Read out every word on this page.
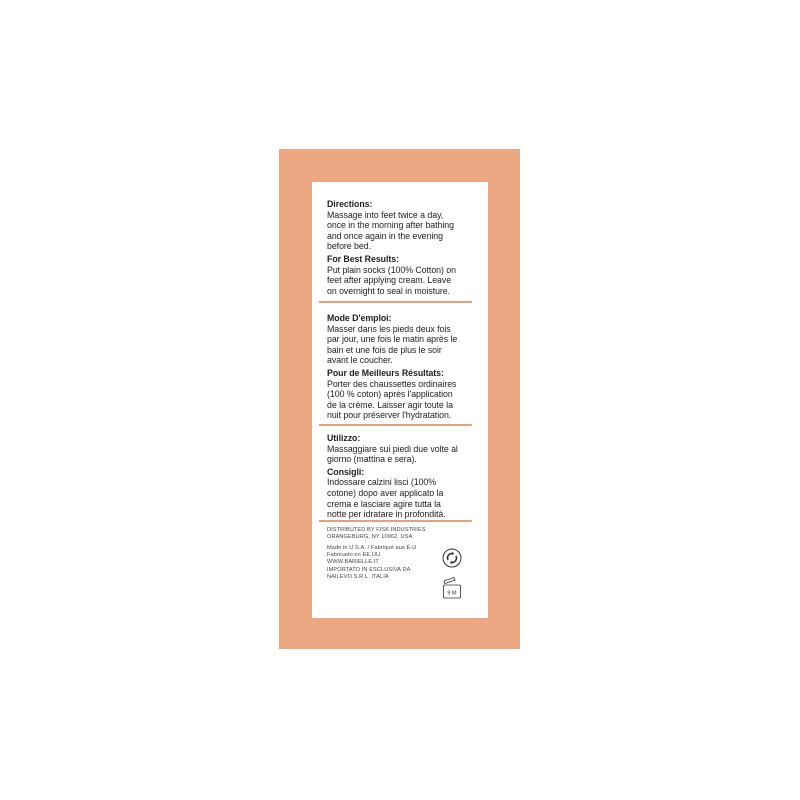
Directions:
Massage into feet twice a day,
once in the morning after bathing
and once again in the evening
before bed.
For Best Results:
Put plain socks (100% Cotton) on
feet after applying cream. Leave
on overnight to seal in moisture.
Mode D'emploi:
Masser dans les pieds deux fois
par jour, une fois le matin après le
bain et une fois de plus le soir
avant le coucher.
Pour de Meilleurs Résultats:
Porter des chaussettes ordinaires
(100 % coton) après l'application
de la crème. Laisser agir toute la
nuit pour préserver l'hydratation.
Utilizzo:
Massaggiare sui piedi due volte al
giorno (mattina e sera).
Consigli:
Indossare calzini lisci (100%
cotone) dopo aver applicato la
crema e lasciare agire tutta la
notte per idratare in profondità.
DISTRIBUTED BY FISK INDUSTRIES
ORANGEBURG, NY 10962, USA
Made in U.S.A. / Fabriqué aux É-U
Fabricado en EE.UU.
WWW.BARIELLE.IT
IMPORTATO IN ESCLUSIVA DA
NAILEVO S.R.L. ITALIA
9 M
